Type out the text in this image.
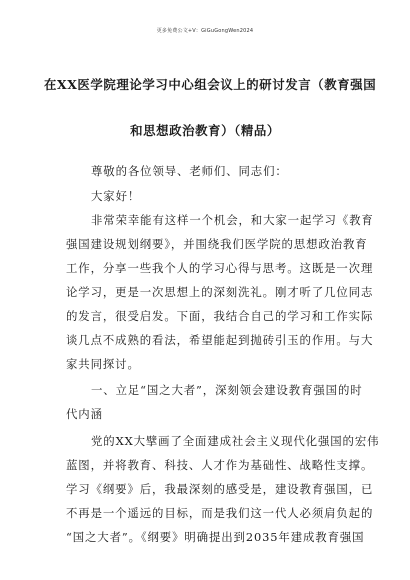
更多免费公文+V：GiGuGongWen2024
在XX医学院理论学习中心组会议上的研讨发言（教育强国
和思想政治教育）（精品）
尊敬的各位领导、老师们、同志们：
大家好！
非常荣幸能有这样一个机会，和大家一起学习《教育
强国建设规划纲要》，并围绕我们医学院的思想政治教育
工作，分享一些我个人的学习心得与思考。这既是一次理
论学习，更是一次思想上的深刻洗礼。刚才听了几位同志
的发言，很受启发。下面，我结合自己的学习和工作实际
谈几点不成熟的看法，希望能起到抛砖引玉的作用。与大
家共同探讨。
一、立足“国之大者”，深刻领会建设教育强国的时
代内涵
党的XX大擘画了全面建成社会主义现代化强国的宏伟
蓝图，并将教育、科技、人才作为基础性、战略性支撑。
学习《纲要》后，我最深刻的感受是，建设教育强国，已
不再是一个遥远的目标，而是我们这一代人必须肩负起的
“国之大者”。《纲要》明确提出到2035年建成教育强国
